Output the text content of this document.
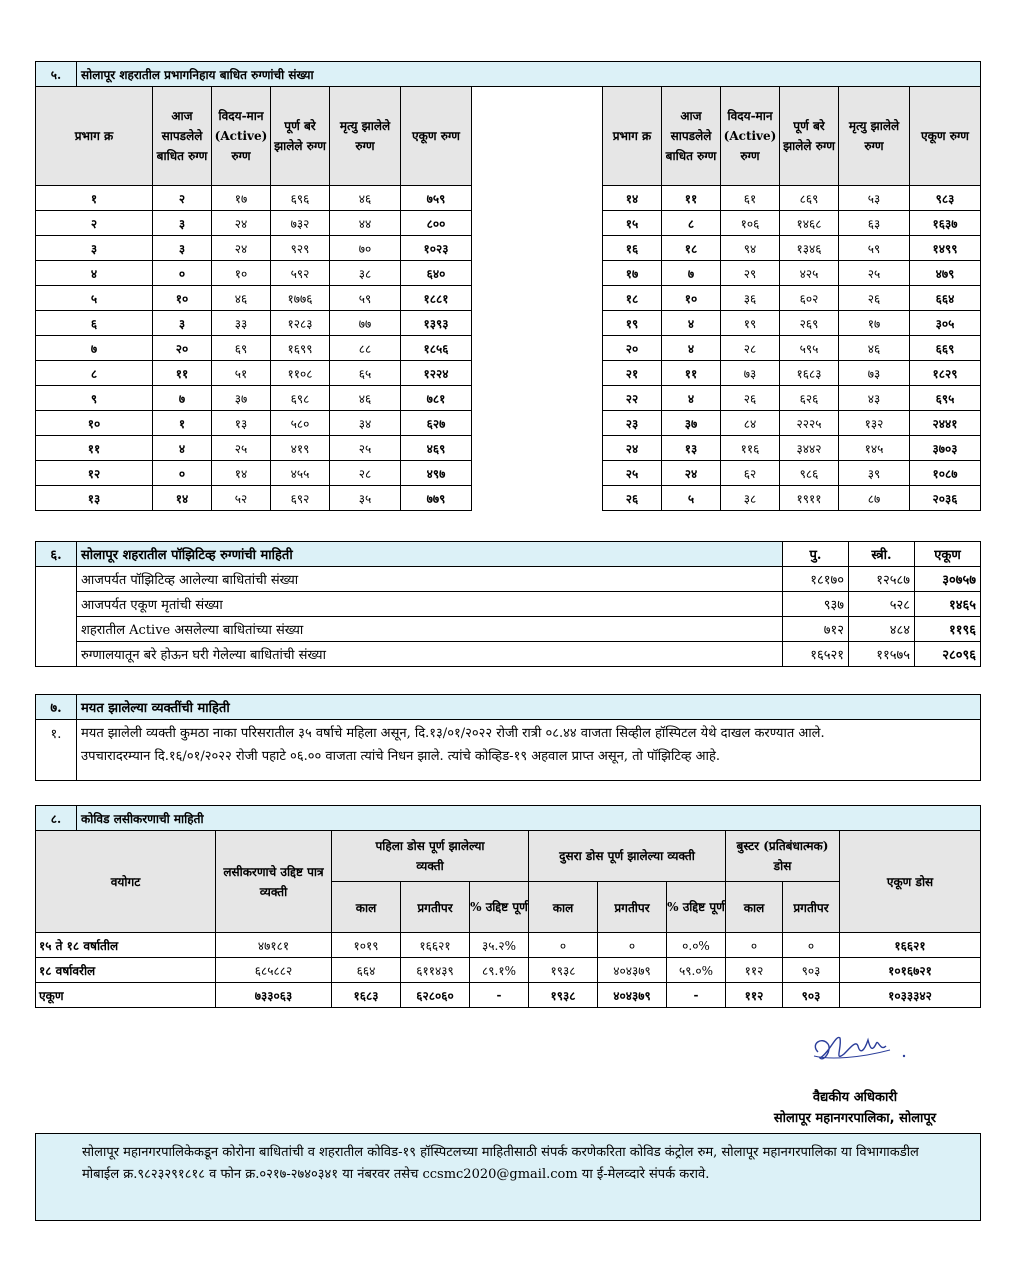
५.	सोलापूर शहरातील प्रभागनिहाय बाधित रुग्णांची संख्या												
प्रभाग क्र		आज सापडलेले बाधित रुग्ण	विदय-मान (Active) रुग्ण	पूर्ण बरे झालेले रुग्ण	मृत्यु झालेले रुग्ण	एकूण रुग्ण		प्रभाग क्र	आज सापडलेले बाधित रुग्ण	विदय-मान (Active) रुग्ण	पूर्ण बरे झालेले रुग्ण	मृत्यु झालेले रुग्ण	एकूण रुग्ण
१		२	१७	६९६	४६	७५९		१४	११	६१	८६९	५३	९८३
२		३	२४	७३२	४४	८००		१५	८	१०६	१४६८	६३	१६३७
३		३	२४	९२९	७०	१०२३		१६	१८	९४	१३४६	५९	१४९९
४		०	१०	५९२	३८	६४०		१७	७	२९	४२५	२५	४७९
५		१०	४६	१७७६	५९	१८८१		१८	१०	३६	६०२	२६	६६४
६		३	३३	१२८३	७७	१३९३		१९	४	१९	२६९	१७	३०५
७		२०	६९	१६९९	८८	१८५६		२०	४	२८	५९५	४६	६६९
८		११	५१	११०८	६५	१२२४		२१	११	७३	१६८३	७३	१८२९
९		७	३७	६९८	४६	७८१		२२	४	२६	६२६	४३	६९५
१०		१	१३	५८०	३४	६२७		२३	३७	८४	२२२५	१३२	२४४१
११		४	२५	४१९	२५	४६९		२४	१३	११६	३४४२	१४५	३७०३
१२		०	१४	४५५	२८	४९७		२५	२४	६२	९८६	३९	१०८७
१३		१४	५२	६९२	३५	७७९		२६	५	३८	१९११	८७	२०३६
६.	सोलापूर शहरातील पॉझिटिव्ह रुग्णांची माहिती	पु.	स्त्री.	एकूण
	आजपर्यत पॉझिटिव्ह आलेल्या बाधितांची संख्या	१८१७०	१२५८७	३०७५७
	आजपर्यत एकूण मृतांची संख्या	९३७	५२८	१४६५
	शहरातील Active असलेल्या बाधितांच्या संख्या	७१२	४८४	११९६
	रुग्णालयातून बरे होऊन घरी गेलेल्या बाधितांची संख्या	१६५२१	११५७५	२८०९६
७.	मयत झालेल्या व्यक्तींची माहिती
१.	मयत झालेली व्यक्ती कुमठा नाका परिसरातील ३५ वर्षाचे महिला असून, दि.१३/०१/२०२२ रोजी रात्री ०८.४४ वाजता सिव्हील हॉस्पिटल येथे दाखल करण्यात आले.
उपचारादरम्यान दि.१६/०१/२०२२ रोजी पहाटे ०६.०० वाजता त्यांचे निधन झाले. त्यांचे कोव्हिड-१९ अहवाल प्राप्त असून, तो पॉझिटिव्ह आहे.
८.	कोविड लसीकरणाची माहिती										
वयोगट		लसीकरणाचे उद्दिष्ट पात्र व्यक्ती	पहिला डोस पूर्ण झालेल्या व्यक्ती			दुसरा डोस पूर्ण झालेल्या व्यक्ती			बुस्टर (प्रतिबंधात्मक) डोस		एकूण डोस
			काल	प्रगतीपर	% उद्दिष्ट पूर्ण	काल	प्रगतीपर	% उद्दिष्ट पूर्ण	काल	प्रगतीपर	
१५ ते १८ वर्षातील		४७१८१	१०१९	१६६२१	३५.२%	०	०	०.०%	०	०	१६६२१
१८ वर्षावरील		६८५८८२	६६४	६११४३९	८९.१%	१९३८	४०४३७९	५९.०%	११२	९०३	१०१६७२१
एकूण		७३३०६३	१६८३	६२८०६०	-	१९३८	४०४३७९	-	११२	९०३	१०३३३४२
वैद्यकीय अधिकारी
सोलापूर महानगरपालिका, सोलापूर
सोलापूर महानगरपालिकेकडून कोरोना बाधितांची व शहरातील कोविड-१९ हॉस्पिटलच्या माहितीसाठी संपर्क करणेकरिता कोविड कंट्रोल रुम, सोलापूर महानगरपालिका या विभागाकडील मोबाईल क्र.९८२३२९१८१८ व फोन क्र.०२१७-२७४०३४१ या नंबरवर तसेच ccsmc2020@gmail.com या ई-मेलव्दारे संपर्क करावे.
